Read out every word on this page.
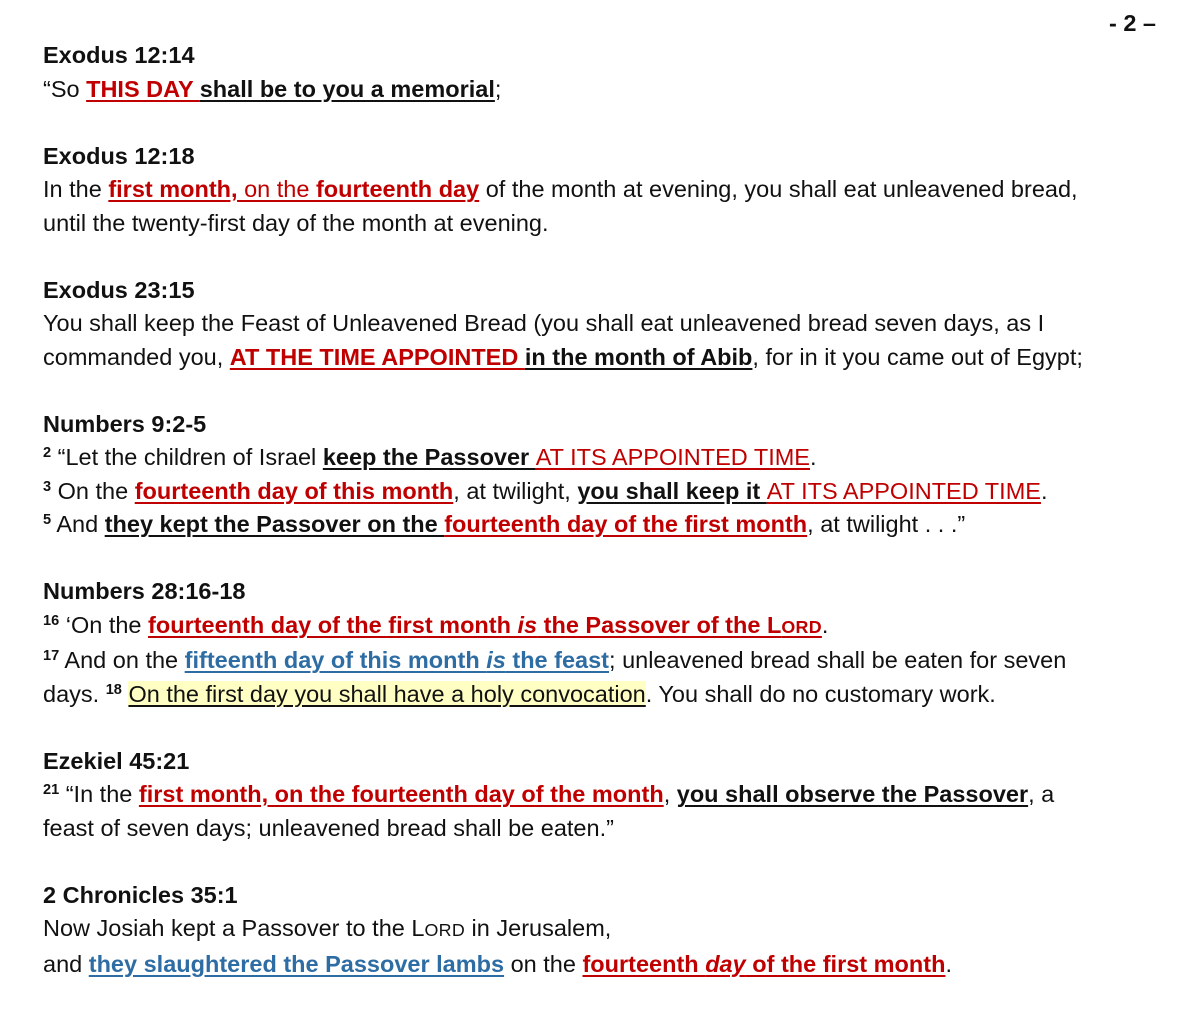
- 2 –
Exodus 12:14
“So THIS DAY shall be to you a memorial;
Exodus 12:18
In the first month, on the fourteenth day of the month at evening, you shall eat unleavened bread,
until the twenty-first day of the month at evening.
Exodus 23:15
You shall keep the Feast of Unleavened Bread (you shall eat unleavened bread seven days, as I
commanded you, AT THE TIME APPOINTED in the month of Abib, for in it you came out of Egypt;
Numbers 9:2-5
$^2$ “Let the children of Israel keep the Passover AT ITS APPOINTED TIME.
$^3$ On the fourteenth day of this month, at twilight, you shall keep it AT ITS APPOINTED TIME.
$^5$ And they kept the Passover on the fourteenth day of the first month, at twilight . . .”
Numbers 28:16-18
$^{16}$ ‘On the fourteenth day of the first month is the Passover of the LORD.
$^{17}$ And on the fifteenth day of this month is the feast; unleavened bread shall be eaten for seven
days. $^{18}$ On the first day you shall have a holy convocation. You shall do no customary work.
Ezekiel 45:21
$^{21}$ “In the first month, on the fourteenth day of the month, you shall observe the Passover, a
feast of seven days; unleavened bread shall be eaten.”
2 Chronicles 35:1
Now Josiah kept a Passover to the LORD in Jerusalem,
and they slaughtered the Passover lambs on the fourteenth day of the first month.
